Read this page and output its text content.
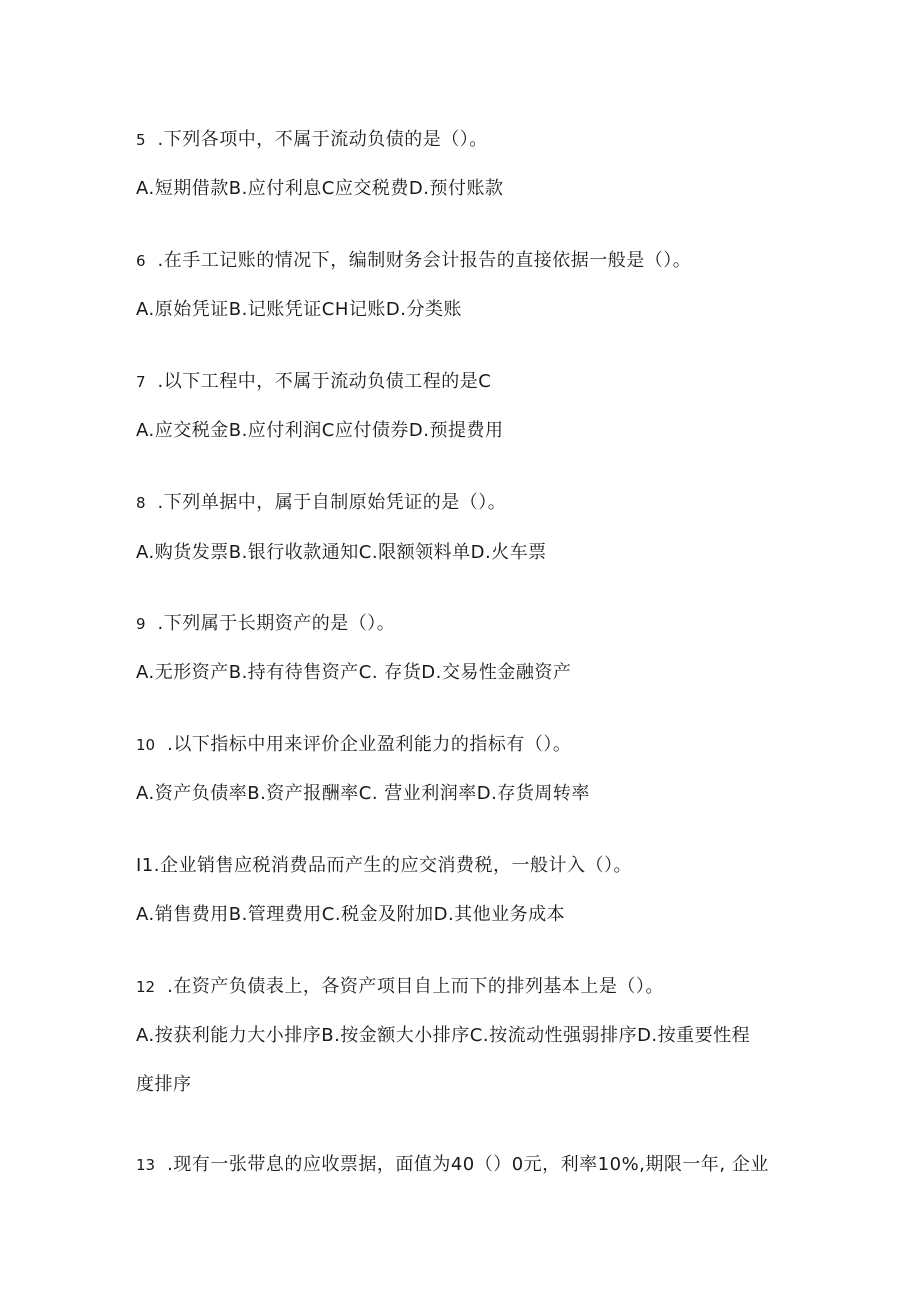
5 .下列各项中，不属于流动负债的是（）。
A.短期借款B.应付利息C应交税费D.预付账款
6 .在手工记账的情况下，编制财务会计报告的直接依据一般是（）。
A.原始凭证B.记账凭证CH记账D.分类账
7 .以下工程中，不属于流动负债工程的是C
A.应交税金B.应付利润C应付债券D.预提费用
8 .下列单据中，属于自制原始凭证的是（）。
A.购货发票B.银行收款通知C.限额领料单D.火车票
9 .下列属于长期资产的是（）。
A.无形资产B.持有待售资产C. 存货D.交易性金融资产
10 .以下指标中用来评价企业盈利能力的指标有（）。
A.资产负债率B.资产报酬率C. 营业利润率D.存货周转率
I1.企业销售应税消费品而产生的应交消费税，一般计入（）。
A.销售费用B.管理费用C.税金及附加D.其他业务成本
12 .在资产负债表上，各资产项目自上而下的排列基本上是（）。
A.按获利能力大小排序B.按金额大小排序C.按流动性强弱排序D.按重要性程
度排序
13 .现有一张带息的应收票据，面值为40（）0元，利率10%,期限一年, 企业
